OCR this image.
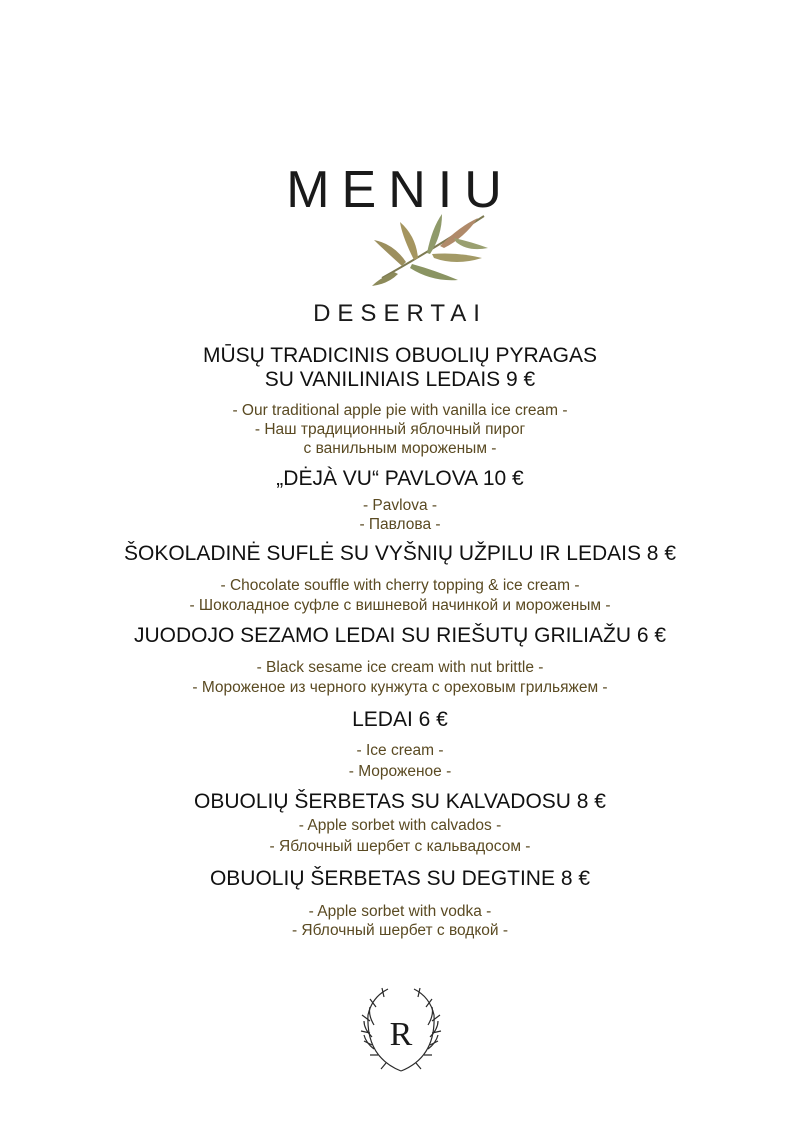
MENIU
DESERTAI
MŪSŲ TRADICINIS OBUOLIŲ PYRAGAS
SU VANILINIAIS LEDAIS 9 €
- Our traditional apple pie with vanilla ice cream -
- Наш традиционный яблочный пирог
с ванильным мороженым -
„DĖJÀ VU“ PAVLOVA 10 €
- Pavlova -
- Павлова -
ŠOKOLADINĖ SUFLĖ SU VYŠNIŲ UŽPILU IR LEDAIS 8 €
- Chocolate souffle with cherry topping & ice cream -
- Шоколадное суфле с вишневой начинкой и мороженым -
JUODOJO SEZAMO LEDAI SU RIEŠUTŲ GRILIAŽU 6 €
- Black sesame ice cream with nut brittle -
- Мороженое из черного кунжута с ореховым грильяжем -
LEDAI 6 €
- Ice cream -
- Мороженое -
OBUOLIŲ ŠERBETAS SU KALVADOSU 8 €
- Apple sorbet with calvados -
- Яблочный шербет с кальвадосом -
OBUOLIŲ ŠERBETAS SU DEGTINE 8 €
- Apple sorbet with vodka -
- Яблочный шербет с водкой -
R
